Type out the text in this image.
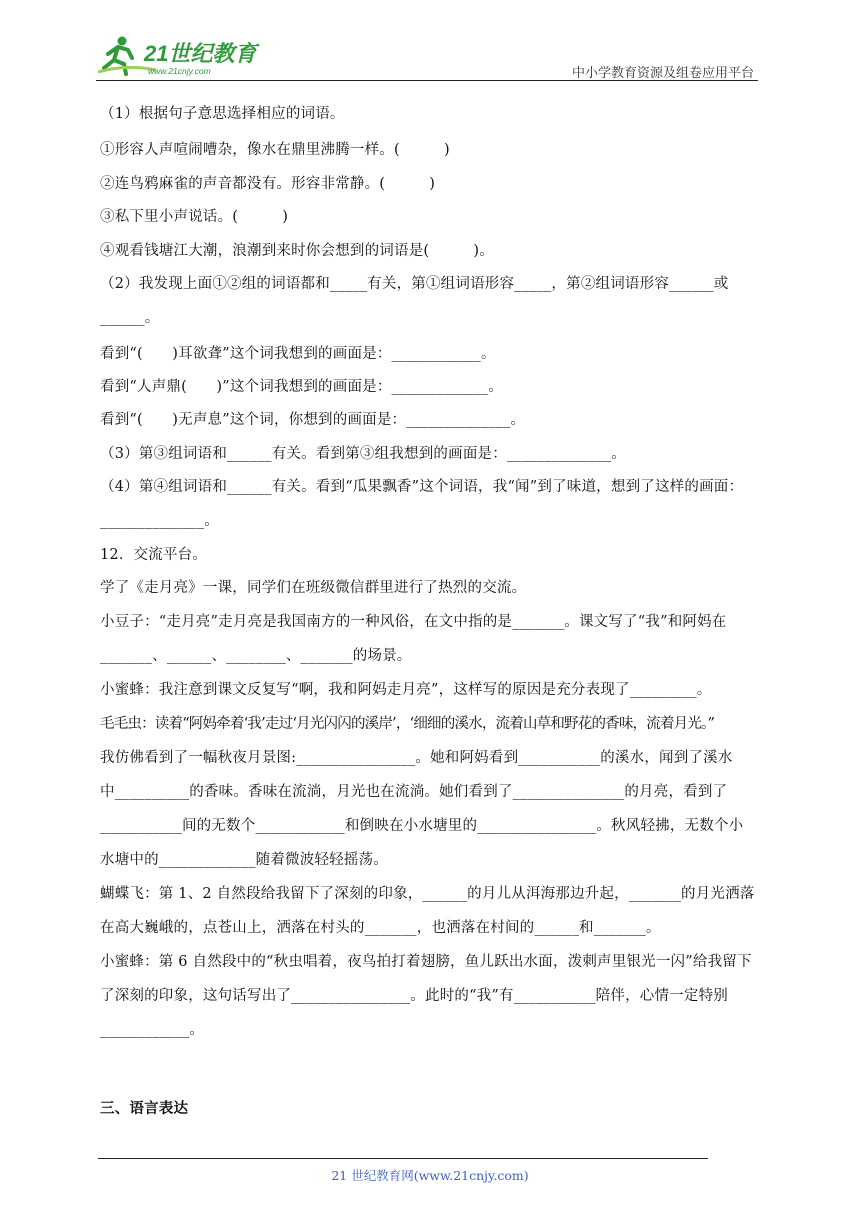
21世纪教育
www.21cnjy.com	中小学教育资源及组卷应用平台
（1）根据句子意思选择相应的词语。
①形容人声喧闹嘈杂，像水在鼎里沸腾一样。(　　　)
②连鸟鸦麻雀的声音都没有。形容非常静。(　　　)
③私下里小声说话。(　　　)
④观看钱塘江大潮，浪潮到来时你会想到的词语是(　　　)。
（2）我发现上面①②组的词语都和_____有关，第①组词语形容_____，第②组词语形容______或
______。
看到“(　　)耳欲聋”这个词我想到的画面是：____________。
看到“人声鼎(　　)”这个词我想到的画面是：_____________。
看到“(　　)无声息”这个词，你想到的画面是：______________。
（3）第③组词语和______有关。看到第③组我想到的画面是：______________。
（4）第④组词语和______有关。看到“瓜果飘香”这个词语，我“闻”到了味道，想到了这样的画面：
______________。
12．交流平台。
学了《走月亮》一课，同学们在班级微信群里进行了热烈的交流。
小豆子：“走月亮”走月亮是我国南方的一种风俗，在文中指的是_______。课文写了“我”和阿妈在
_______、______、________、_______的场景。
小蜜蜂：我注意到课文反复写“啊，我和阿妈走月亮”，这样写的原因是充分表现了_________。
毛毛虫：读着“阿妈牵着‘我’走过‘月光闪闪的溪岸’，‘细细的溪水，流着山草和野花的香味，流着月光。”
我仿佛看到了一幅秋夜月景图:________________。她和阿妈看到___________的溪水，闻到了溪水
中__________的香味。香味在流淌，月光也在流淌。她们看到了_______________的月亮，看到了
___________间的无数个____________和倒映在小水塘里的________________。秋风轻拂，无数个小
水塘中的_____________随着微波轻轻摇荡。
蝴蝶飞：第 1、2 自然段给我留下了深刻的印象，______的月儿从洱海那边升起，_______的月光洒落
在高大巍峨的，点苍山上，洒落在村头的_______，也洒落在村间的______和_______。
小蜜蜂：第 6 自然段中的“秋虫唱着，夜鸟拍打着翅膀，鱼儿跃出水面，泼刺声里银光一闪”给我留下
了深刻的印象，这句话写出了________________。此时的“我”有___________陪伴，心情一定特别
____________。
三、语言表达
21 世纪教育网(www.21cnjy.com)
